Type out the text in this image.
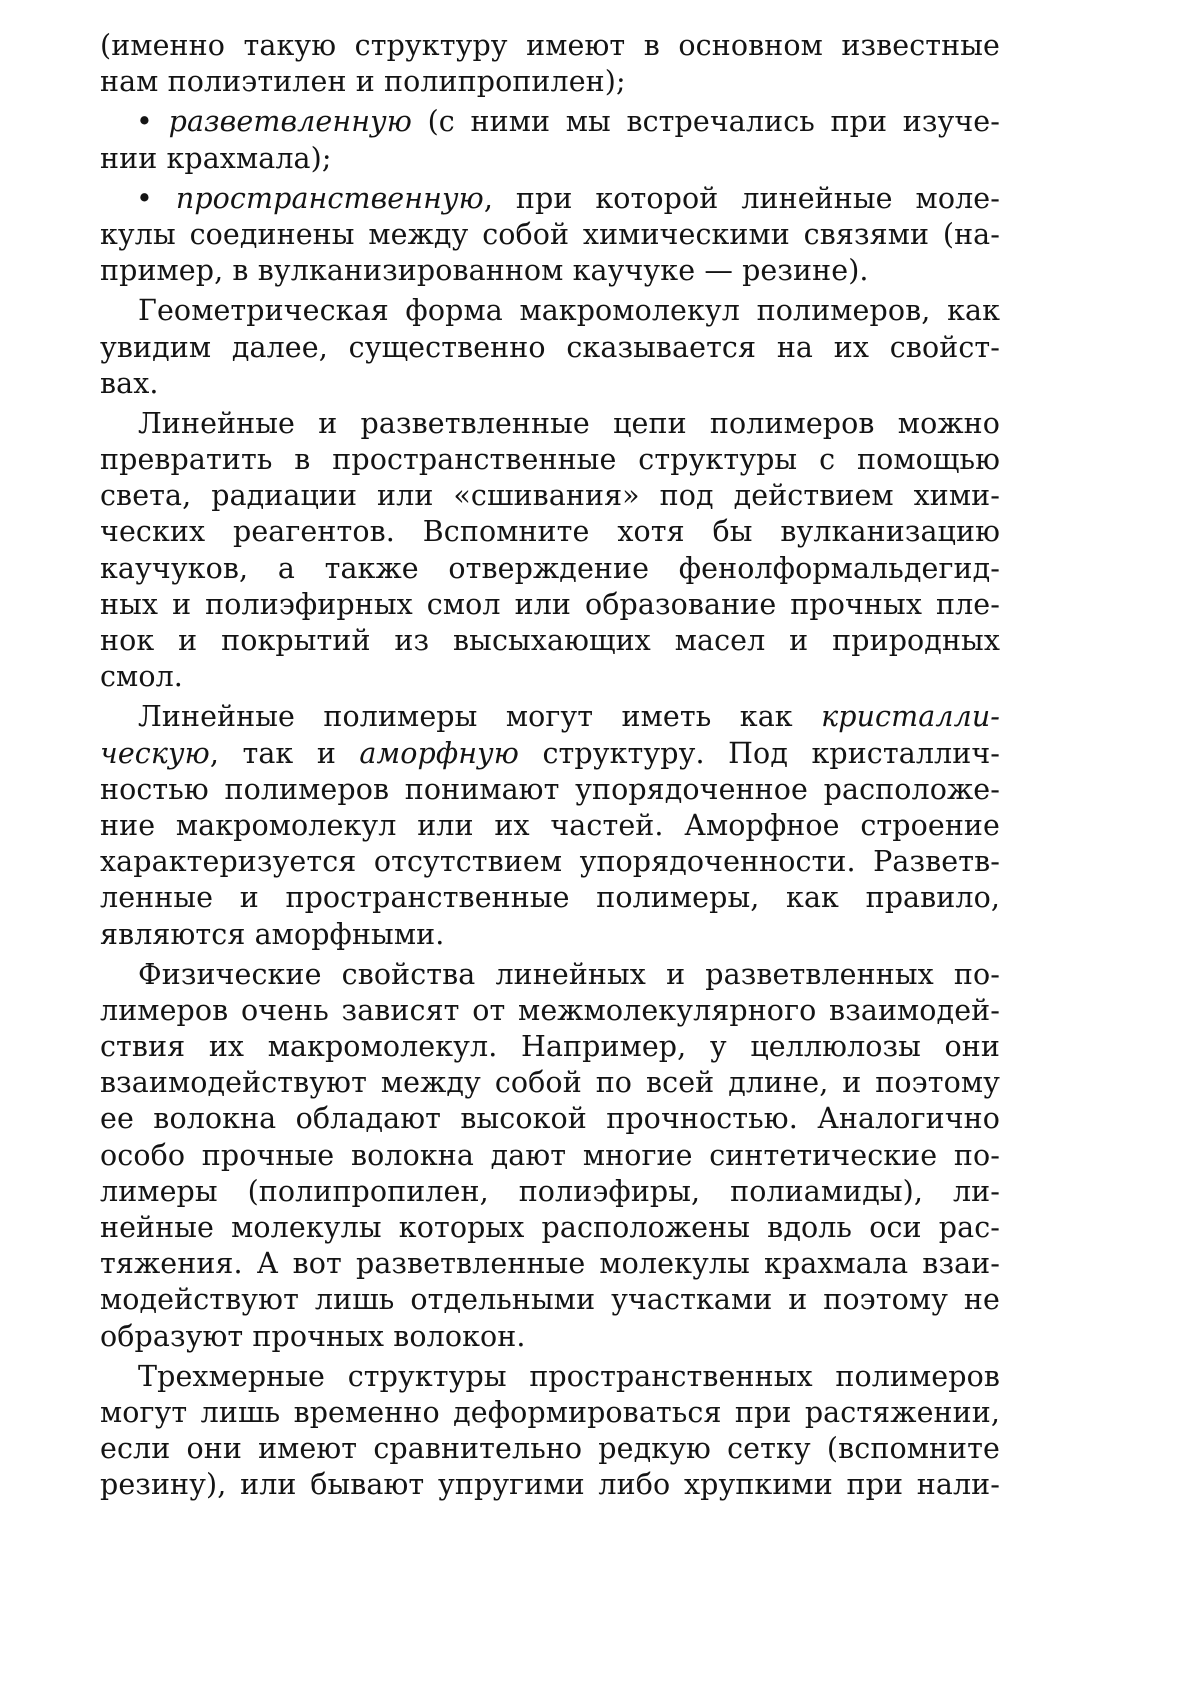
(именно такую структуру имеют в основном известные
нам полиэтилен и полипропилен);
• разветвленную (с ними мы встречались при изуче-
нии крахмала);
• пространственную, при которой линейные моле-
кулы соединены между собой химическими связями (на-
пример, в вулканизированном каучуке — резине).
Геометрическая форма макромолекул полимеров, как
увидим далее, существенно сказывается на их свойст-
вах.
Линейные и разветвленные цепи полимеров можно
превратить в пространственные структуры с помощью
света, радиации или «сшивания» под действием хими-
ческих реагентов. Вспомните хотя бы вулканизацию
каучуков, а также отверждение фенолформальдегид-
ных и полиэфирных смол или образование прочных пле-
нок и покрытий из высыхающих масел и природных
смол.
Линейные полимеры могут иметь как кристалли-
ческую, так и аморфную структуру. Под кристаллич-
ностью полимеров понимают упорядоченное расположе-
ние макромолекул или их частей. Аморфное строение
характеризуется отсутствием упорядоченности. Разветв-
ленные и пространственные полимеры, как правило,
являются аморфными.
Физические свойства линейных и разветвленных по-
лимеров очень зависят от межмолекулярного взаимодей-
ствия их макромолекул. Например, у целлюлозы они
взаимодействуют между собой по всей длине, и поэтому
ее волокна обладают высокой прочностью. Аналогично
особо прочные волокна дают многие синтетические по-
лимеры (полипропилен, полиэфиры, полиамиды), ли-
нейные молекулы которых расположены вдоль оси рас-
тяжения. А вот разветвленные молекулы крахмала взаи-
модействуют лишь отдельными участками и поэтому не
образуют прочных волокон.
Трехмерные структуры пространственных полимеров
могут лишь временно деформироваться при растяжении,
если они имеют сравнительно редкую сетку (вспомните
резину), или бывают упругими либо хрупкими при нали-
